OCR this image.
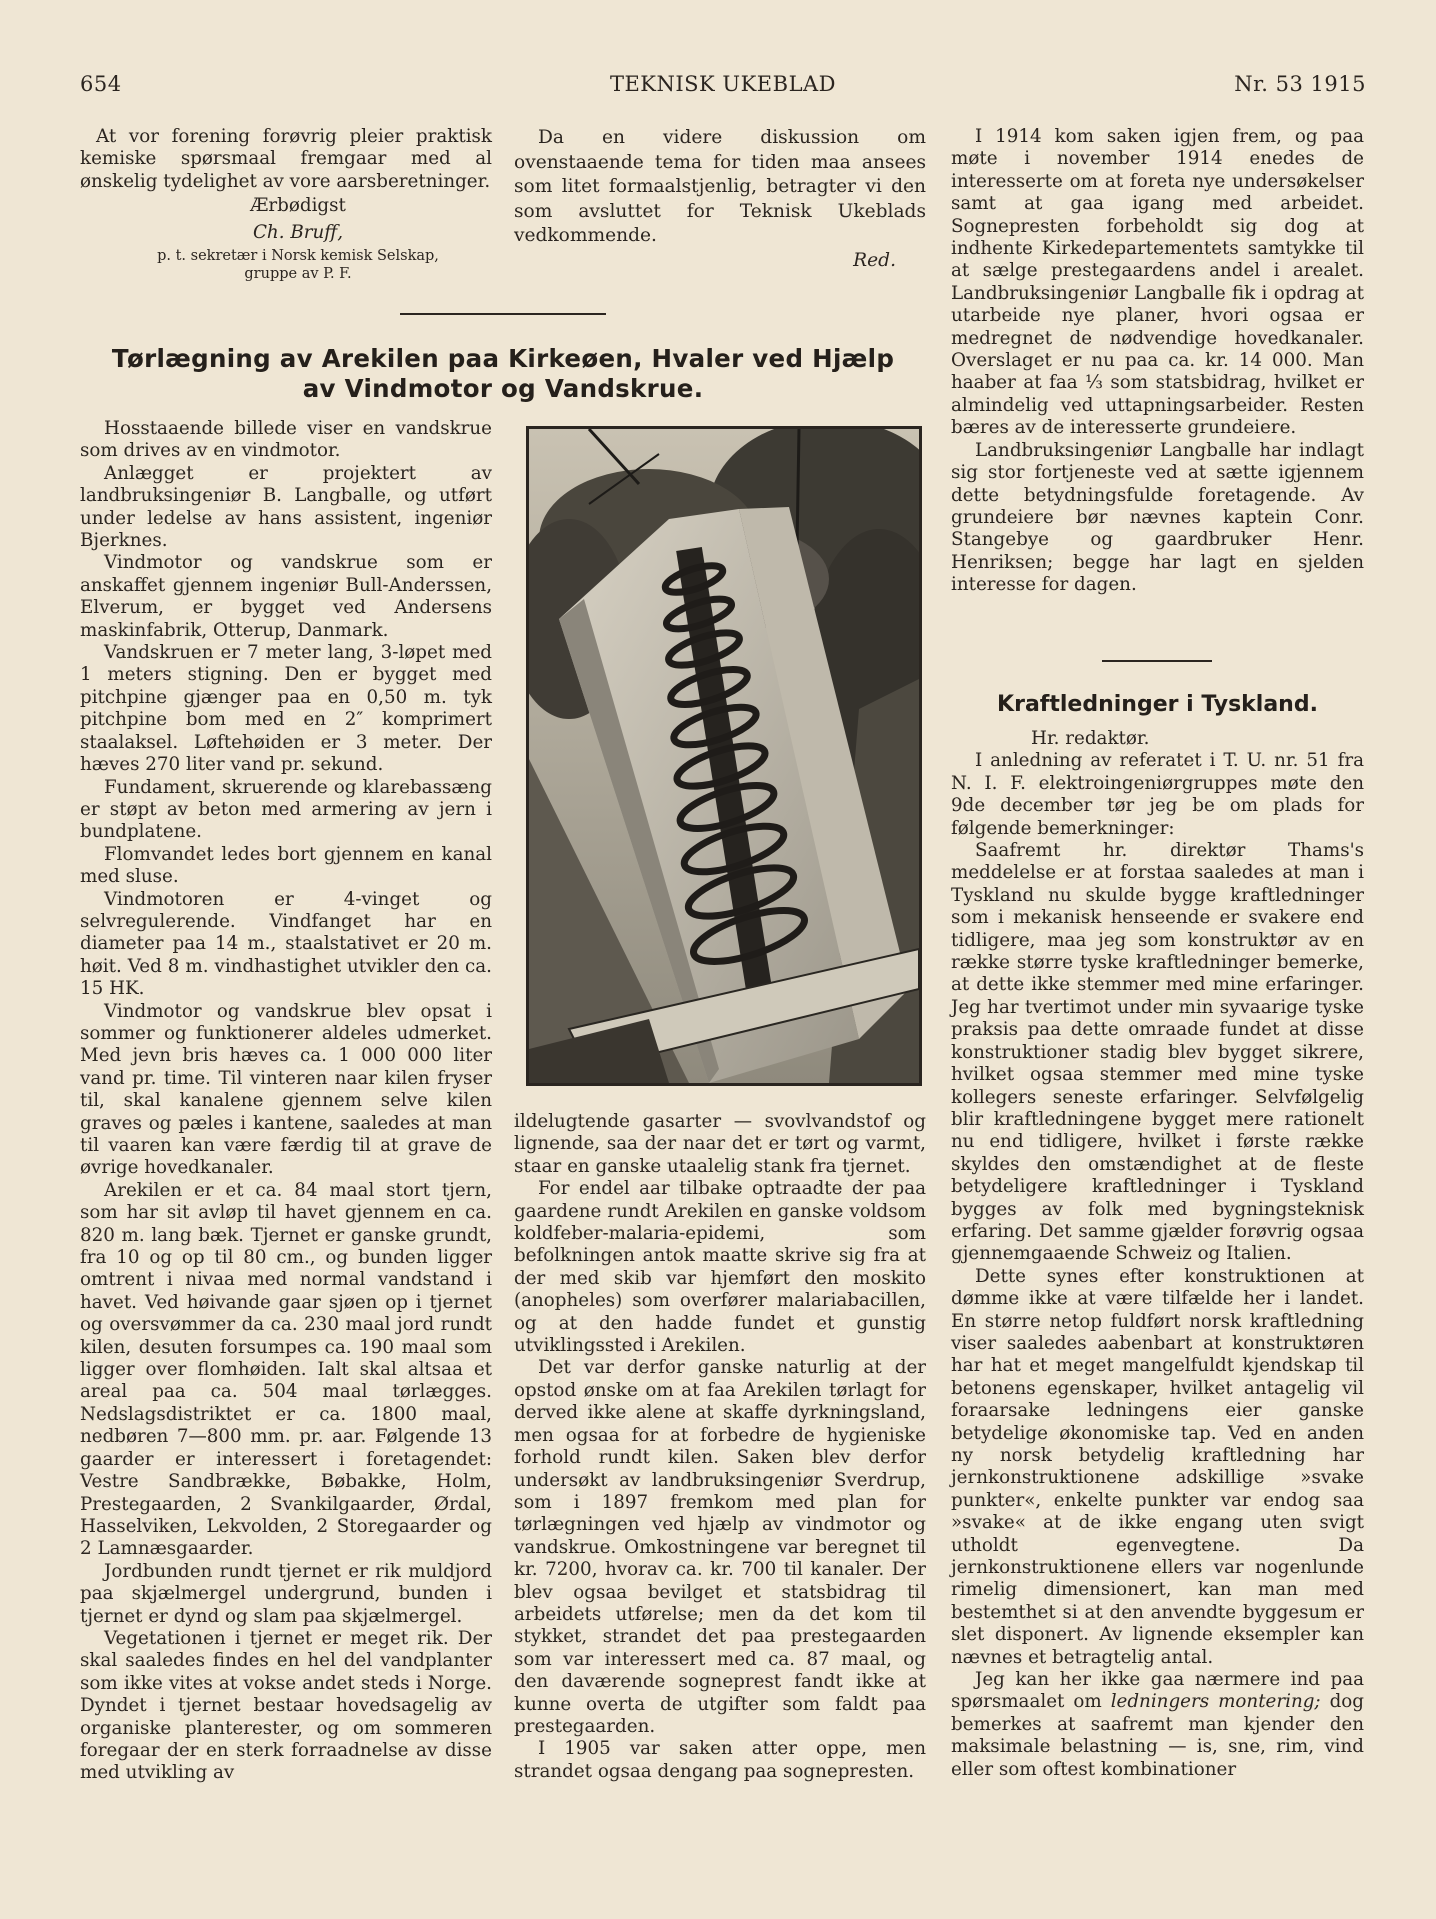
654	TEKNISK UKEBLAD	Nr. 53 1915

At vor forening forøvrig pleier praktisk kemiske spørsmaal fremgaar med al ønskelig tydelighet av vore aarsberetninger.

Ærbødigst

Ch. Bruff,

p. t. sekretær i Norsk kemisk Selskap,

gruppe av P. F.

Da en videre diskussion om ovenstaaende tema for tiden maa ansees som litet formaalstjenlig, betragter vi den som avsluttet for Teknisk Ukeblads vedkommende.

Red.

Tørlægning av Arekilen paa Kirkeøen, Hvaler ved Hjælp
av Vindmotor og Vandskrue.

Hosstaaende billede viser en vandskrue som drives av en vindmotor.

Anlægget er projektert av landbruksingeniør B. Langballe, og utført under ledelse av hans assistent, ingeniør Bjerknes.

Vindmotor og vandskrue som er anskaffet gjennem ingeniør Bull-Anderssen, Elverum, er bygget ved Andersens maskinfabrik, Otterup, Danmark.

Vandskruen er 7 meter lang, 3-løpet med 1 meters stigning. Den er bygget med pitchpine gjænger paa en 0,50 m. tyk pitchpine bom med en 2″ komprimert staalaksel. Løftehøiden er 3 meter. Der hæves 270 liter vand pr. sekund.

Fundament, skruerende og klarebassæng er støpt av beton med armering av jern i bundplatene.

Flomvandet ledes bort gjennem en kanal med sluse.

Vindmotoren er 4-vinget og selvregulerende. Vindfanget har en diameter paa 14 m., staalstativet er 20 m. høit. Ved 8 m. vindhastighet utvikler den ca. 15 HK.

Vindmotor og vandskrue blev opsat i sommer og funktionerer aldeles udmerket. Med jevn bris hæves ca. 1 000 000 liter vand pr. time. Til vinteren naar kilen fryser til, skal kanalene gjennem selve kilen graves og pæles i kantene, saaledes at man til vaaren kan være færdig til at grave de øvrige hovedkanaler.

Arekilen er et ca. 84 maal stort tjern, som har sit avløp til havet gjennem en ca. 820 m. lang bæk. Tjernet er ganske grundt, fra 10 og op til 80 cm., og bunden ligger omtrent i nivaa med normal vandstand i havet. Ved høivande gaar sjøen op i tjernet og oversvømmer da ca. 230 maal jord rundt kilen, desuten forsumpes ca. 190 maal som ligger over flomhøiden. Ialt skal altsaa et areal paa ca. 504 maal tørlægges. Nedslagsdistriktet er ca. 1800 maal, nedbøren 7—800 mm. pr. aar. Følgende 13 gaarder er interessert i foretagendet: Vestre Sandbrække, Bøbakke, Holm, Prestegaarden, 2 Svankilgaarder, Ørdal, Hasselviken, Lekvolden, 2 Storegaarder og 2 Lamnæsgaarder.

Jordbunden rundt tjernet er rik muldjord paa skjælmergel undergrund, bunden i tjernet er dynd og slam paa skjælmergel.

Vegetationen i tjernet er meget rik. Der skal saaledes findes en hel del vandplanter som ikke vites at vokse andet steds i Norge. Dyndet i tjernet bestaar hovedsagelig av organiske planterester, og om sommeren foregaar der en sterk forraadnelse av disse med utvikling av

ildelugtende gasarter — svovlvandstof og lignende, saa der naar det er tørt og varmt, staar en ganske utaalelig stank fra tjernet.

For endel aar tilbake optraadte der paa gaardene rundt Arekilen en ganske voldsom koldfeber-malaria-epidemi, som befolkningen antok maatte skrive sig fra at der med skib var hjemført den moskito (anopheles) som overfører malariabacillen, og at den hadde fundet et gunstig utviklingssted i Arekilen.

Det var derfor ganske naturlig at der opstod ønske om at faa Arekilen tørlagt for derved ikke alene at skaffe dyrkningsland, men ogsaa for at forbedre de hygieniske forhold rundt kilen. Saken blev derfor undersøkt av landbruksingeniør Sverdrup, som i 1897 fremkom med plan for tørlægningen ved hjælp av vindmotor og vandskrue. Omkostningene var beregnet til kr. 7200, hvorav ca. kr. 700 til kanaler. Der blev ogsaa bevilget et statsbidrag til arbeidets utførelse; men da det kom til stykket, strandet det paa prestegaarden som var interessert med ca. 87 maal, og den daværende sogneprest fandt ikke at kunne overta de utgifter som faldt paa prestegaarden.

I 1905 var saken atter oppe, men strandet ogsaa dengang paa sognepresten.

I 1914 kom saken igjen frem, og paa møte i november 1914 enedes de interesserte om at foreta nye undersøkelser samt at gaa igang med arbeidet. Sognepresten forbeholdt sig dog at indhente Kirkedepartementets samtykke til at sælge prestegaardens andel i arealet. Landbruksingeniør Langballe fik i opdrag at utarbeide nye planer, hvori ogsaa er medregnet de nødvendige hovedkanaler. Overslaget er nu paa ca. kr. 14 000. Man haaber at faa ⅓ som statsbidrag, hvilket er almindelig ved uttapningsarbeider. Resten bæres av de interesserte grundeiere.

Landbruksingeniør Langballe har indlagt sig stor fortjeneste ved at sætte igjennem dette betydningsfulde foretagende. Av grundeiere bør nævnes kaptein Conr. Stangebye og gaardbruker Henr. Henriksen; begge har lagt en sjelden interesse for dagen.

Kraftledninger i Tyskland.

Hr. redaktør.

I anledning av referatet i T. U. nr. 51 fra N. I. F. elektroingeniørgruppes møte den 9de december tør jeg be om plads for følgende bemerkninger:

Saafremt hr. direktør Thams's meddelelse er at forstaa saaledes at man i Tyskland nu skulde bygge kraftledninger som i mekanisk henseende er svakere end tidligere, maa jeg som konstruktør av en række større tyske kraftledninger bemerke, at dette ikke stemmer med mine erfaringer. Jeg har tvertimot under min syvaarige tyske praksis paa dette omraade fundet at disse konstruktioner stadig blev bygget sikrere, hvilket ogsaa stemmer med mine tyske kollegers seneste erfaringer. Selvfølgelig blir kraftledningene bygget mere rationelt nu end tidligere, hvilket i første række skyldes den omstændighet at de fleste betydeligere kraftledninger i Tyskland bygges av folk med bygningsteknisk erfaring. Det samme gjælder forøvrig ogsaa gjennemgaaende Schweiz og Italien.

Dette synes efter konstruktionen at dømme ikke at være tilfælde her i landet. En større netop fuldført norsk kraftledning viser saaledes aabenbart at konstruktøren har hat et meget mangelfuldt kjendskap til betonens egenskaper, hvilket antagelig vil foraarsake ledningens eier ganske betydelige økonomiske tap. Ved en anden ny norsk betydelig kraftledning har jernkonstruktionene adskillige »svake punkter«, enkelte punkter var endog saa »svake« at de ikke engang uten svigt utholdt egenvegtene. Da jernkonstruktionene ellers var nogenlunde rimelig dimensionert, kan man med bestemthet si at den anvendte byggesum er slet disponert. Av lignende eksempler kan nævnes et betragtelig antal.

Jeg kan her ikke gaa nærmere ind paa spørsmaalet om ledningers montering; dog bemerkes at saafremt man kjender den maksimale belastning — is, sne, rim, vind eller som oftest kombinationer
